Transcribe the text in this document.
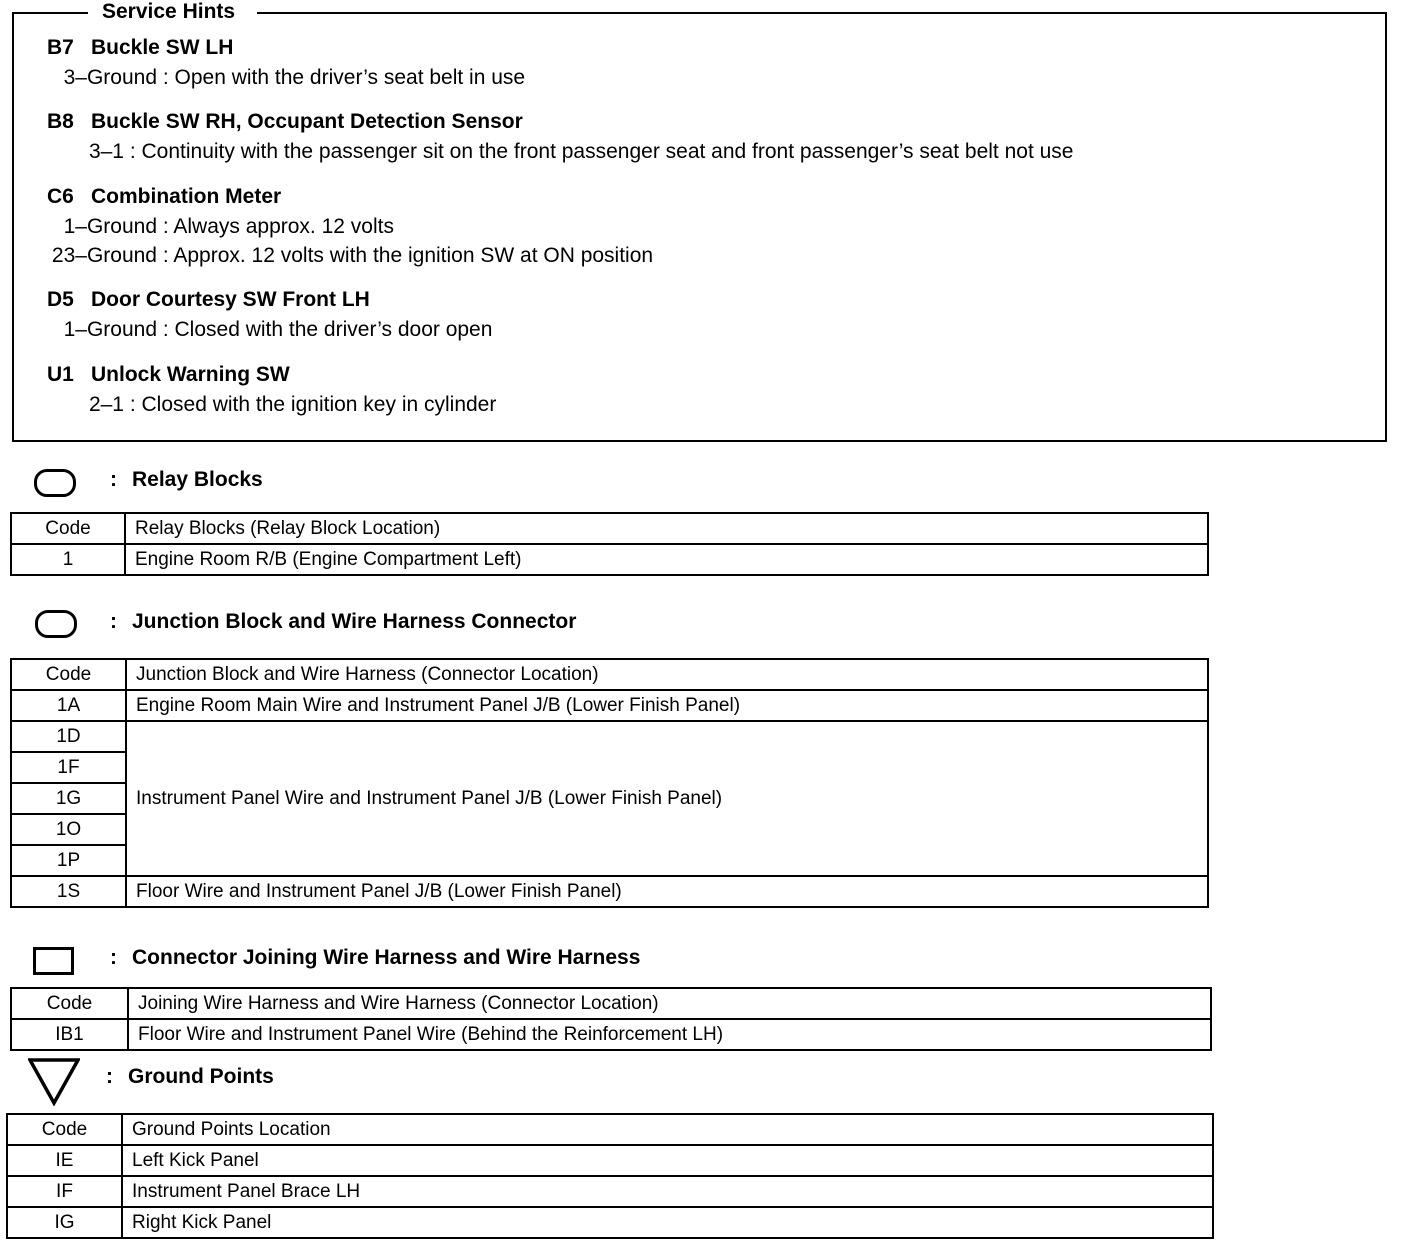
Service Hints
B7 Buckle SW LH
3–Ground : Open with the driver’s seat belt in use
B8 Buckle SW RH, Occupant Detection Sensor
3–1 : Continuity with the passenger sit on the front passenger seat and front passenger’s seat belt not use
C6 Combination Meter
1–Ground : Always approx. 12 volts
23–Ground : Approx. 12 volts with the ignition SW at ON position
D5 Door Courtesy SW Front LH
1–Ground : Closed with the driver’s door open
U1 Unlock Warning SW
2–1 : Closed with the ignition key in cylinder
: Relay Blocks
Code	Relay Blocks (Relay Block Location)
1	Engine Room R/B (Engine Compartment Left)
: Junction Block and Wire Harness Connector
Code	Junction Block and Wire Harness (Connector Location)
1A	Engine Room Main Wire and Instrument Panel J/B (Lower Finish Panel)
1D	Instrument Panel Wire and Instrument Panel J/B (Lower Finish Panel)
1F	
1G	
1O	
1P	
1S	Floor Wire and Instrument Panel J/B (Lower Finish Panel)
: Connector Joining Wire Harness and Wire Harness
Code	Joining Wire Harness and Wire Harness (Connector Location)
IB1	Floor Wire and Instrument Panel Wire (Behind the Reinforcement LH)
: Ground Points
Code	Ground Points Location
IE	Left Kick Panel
IF	Instrument Panel Brace LH
IG	Right Kick Panel
